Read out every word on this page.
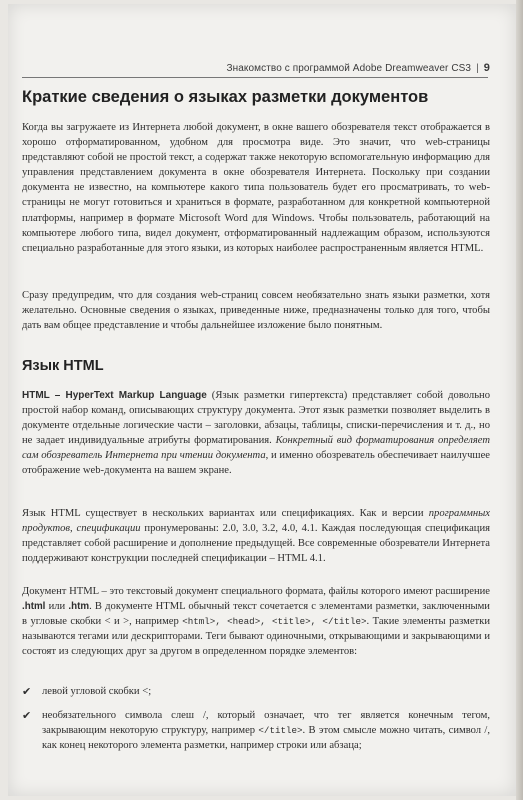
Знакомство с программой Adobe Dreamweaver CS3 | 9
Краткие сведения о языках разметки документов
Когда вы загружаете из Интернета любой документ, в окне вашего обозревателя текст отображается в хорошо отформатированном, удобном для просмотра виде. Это значит, что web-страницы представляют собой не простой текст, а содержат также некоторую вспомогательную информацию для управления представлением документа в окне обозревателя Интернета. Поскольку при создании документа не известно, на компьютере какого типа пользователь будет его просматривать, то web-страницы не могут готовиться и храниться в формате, разработанном для конкретной компьютерной платформы, например в формате Microsoft Word для Windows. Чтобы пользователь, работающий на компьютере любого типа, видел документ, отформатированный надлежащим образом, используются специально разработанные для этого языки, из которых наиболее распространенным является HTML.
Сразу предупредим, что для создания web-страниц совсем необязательно знать языки разметки, хотя желательно. Основные сведения о языках, приведенные ниже, предназначены только для того, чтобы дать вам общее представление и чтобы дальнейшее изложение было понятным.
Язык HTML
HTML – HyperText Markup Language (Язык разметки гипертекста) представляет собой довольно простой набор команд, описывающих структуру документа. Этот язык разметки позволяет выделить в документе отдельные логические части – заголовки, абзацы, таблицы, списки-перечисления и т. д., но не задает индивидуальные атрибуты форматирования. Конкретный вид форматирования определяет сам обозреватель Интернета при чтении документа, и именно обозреватель обеспечивает наилучшее отображение web-документа на вашем экране.
Язык HTML существует в нескольких вариантах или спецификациях. Как и версии программных продуктов, спецификации пронумерованы: 2.0, 3.0, 3.2, 4.0, 4.1. Каждая последующая спецификация представляет собой расширение и дополнение предыдущей. Все современные обозреватели Интернета поддерживают конструкции последней спецификации – HTML 4.1.
Документ HTML – это текстовый документ специального формата, файлы которого имеют расширение .html или .htm. В документе HTML обычный текст сочетается с элементами разметки, заключенными в угловые скобки < и >, например <html>, <head>, <title>, </title>. Такие элементы разметки называются тегами или дескрипторами. Теги бывают одиночными, открывающими и закрывающими и состоят из следующих друг за другом в определенном порядке элементов:
✔ левой угловой скобки <;
✔ необязательного символа слеш /, который означает, что тег является конечным тегом, закрывающим некоторую структуру, например </title>. В этом смысле можно читать, символ /, как конец некоторого элемента разметки, например строки или абзаца;
